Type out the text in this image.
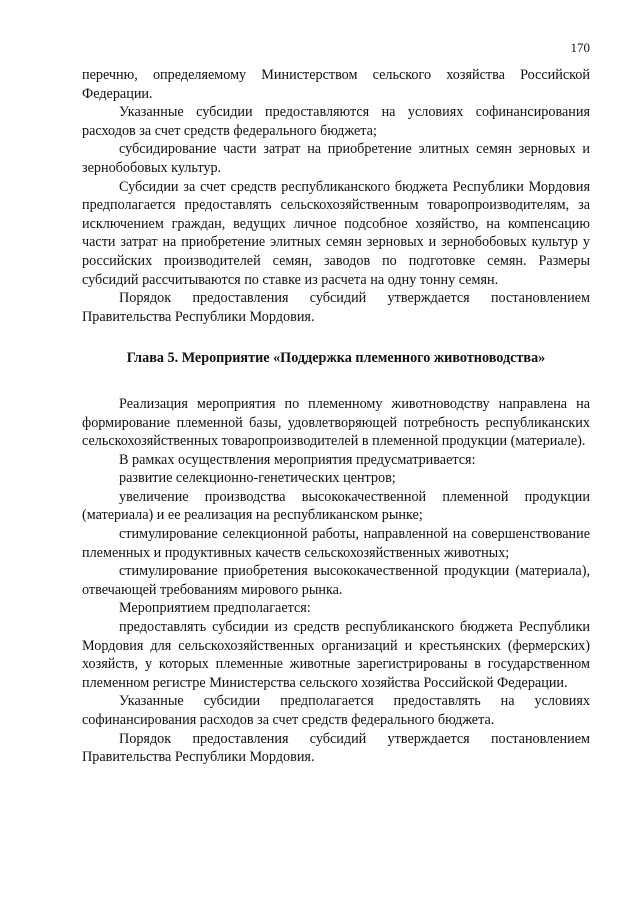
170

перечню, определяемому Министерством сельского хозяйства Российской Федерации.

Указанные субсидии предоставляются на условиях софинансирования расходов за счет средств федерального бюджета;

субсидирование части затрат на приобретение элитных семян зерновых и зернобобовых культур.

Субсидии за счет средств республиканского бюджета Республики Мордовия предполагается предоставлять сельскохозяйственным товаропроизводителям, за исключением граждан, ведущих личное подсобное хозяйство, на компенсацию части затрат на приобретение элитных семян зерновых и зернобобовых культур у российских производителей семян, заводов по подготовке семян. Размеры субсидий рассчитываются по ставке из расчета на одну тонну семян.

Порядок предоставления субсидий утверждается постановлением Правительства Республики Мордовия.

Глава 5. Мероприятие «Поддержка племенного животноводства»

Реализация мероприятия по племенному животноводству направлена на формирование племенной базы, удовлетворяющей потребность республиканских сельскохозяйственных товаропроизводителей в племенной продукции (материале).

В рамках осуществления мероприятия предусматривается:

развитие селекционно-генетических центров;

увеличение производства высококачественной племенной продукции (материала) и ее реализация на республиканском рынке;

стимулирование селекционной работы, направленной на совершенствование племенных и продуктивных качеств сельскохозяйственных животных;

стимулирование приобретения высококачественной продукции (материала), отвечающей требованиям мирового рынка.

Мероприятием предполагается:

предоставлять субсидии из средств республиканского бюджета Республики Мордовия для сельскохозяйственных организаций и крестьянских (фермерских) хозяйств, у которых племенные животные зарегистрированы в государственном племенном регистре Министерства сельского хозяйства Российской Федерации.

Указанные субсидии предполагается предоставлять на условиях софинансирования расходов за счет средств федерального бюджета.

Порядок предоставления субсидий утверждается постановлением Правительства Республики Мордовия.
